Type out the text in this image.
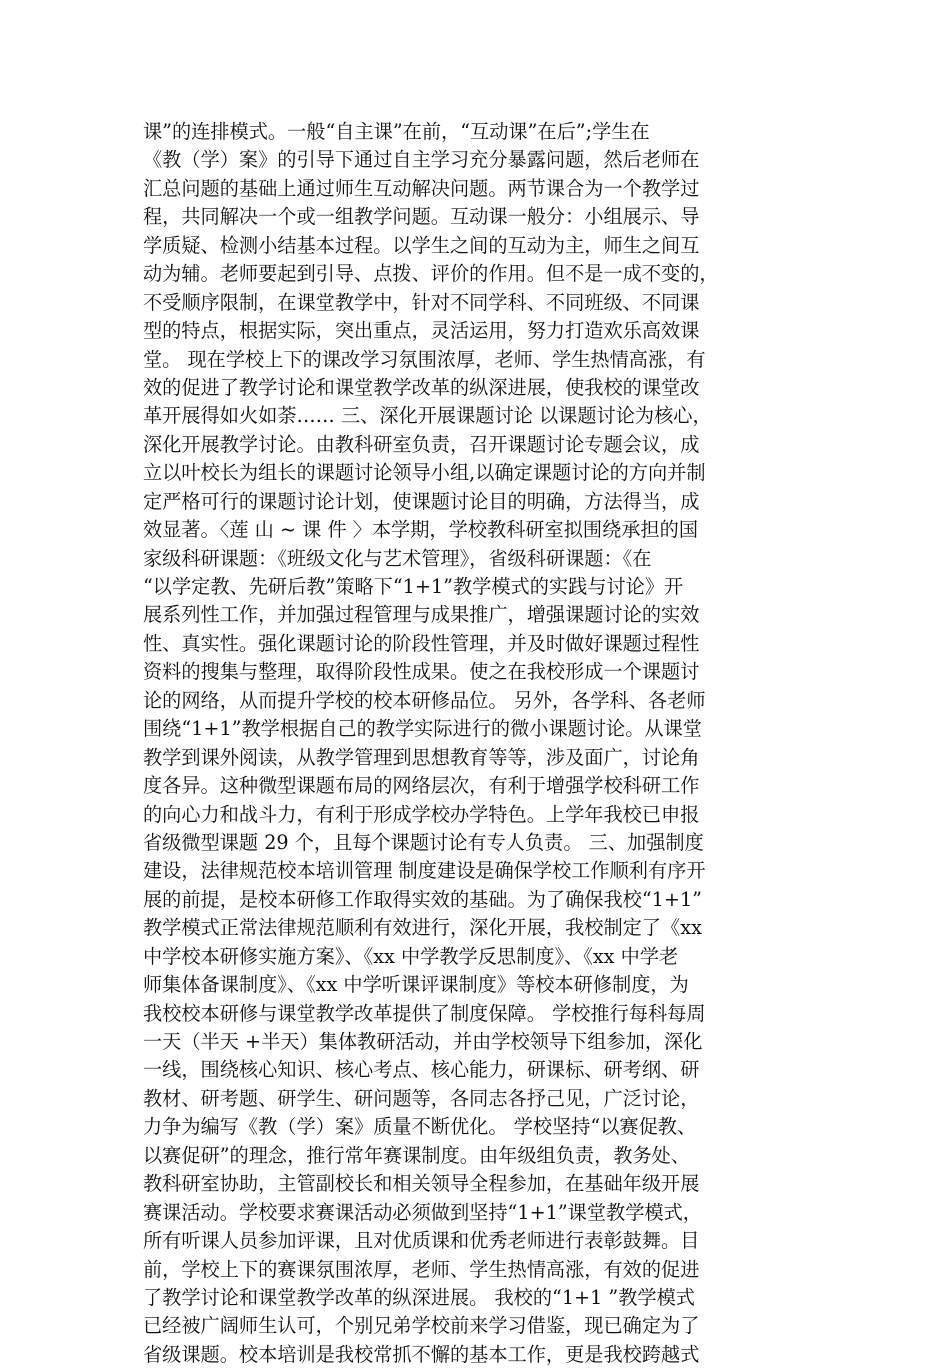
课”的连排模式。一般“自主课”在前，“互动课”在后”;学生在
《教（学）案》的引导下通过自主学习充分暴露问题，然后老师在
汇总问题的基础上通过师生互动解决问题。两节课合为一个教学过
程，共同解决一个或一组教学问题。互动课一般分：小组展示、导
学质疑、检测小结基本过程。以学生之间的互动为主，师生之间互
动为辅。老师要起到引导、点拨、评价的作用。但不是一成不变的，
不受顺序限制，在课堂教学中，针对不同学科、不同班级、不同课
型的特点，根据实际，突出重点，灵活运用，努力打造欢乐高效课
堂。 现在学校上下的课改学习氛围浓厚，老师、学生热情高涨，有
效的促进了教学讨论和课堂教学改革的纵深进展，使我校的课堂改
革开展得如火如荼…… 三、深化开展课题讨论 以课题讨论为核心，
深化开展教学讨论。由教科研室负责，召开课题讨论专题会议，成
立以叶校长为组长的课题讨论领导小组,以确定课题讨论的方向并制
定严格可行的课题讨论计划，使课题讨论目的明确，方法得当，成
效显著。〈莲 山 ~ 课 件 〉本学期，学校教科研室拟围绕承担的国
家级科研课题：《班级文化与艺术管理》，省级科研课题：《在
“以学定教、先研后教”策略下“1+1”教学模式的实践与讨论》开
展系列性工作，并加强过程管理与成果推广，增强课题讨论的实效
性、真实性。强化课题讨论的阶段性管理，并及时做好课题过程性
资料的搜集与整理，取得阶段性成果。使之在我校形成一个课题讨
论的网络，从而提升学校的校本研修品位。 另外，各学科、各老师
围绕“1+1”教学根据自己的教学实际进行的微小课题讨论。从课堂
教学到课外阅读，从教学管理到思想教育等等，涉及面广，讨论角
度各异。这种微型课题布局的网络层次，有利于增强学校科研工作
的向心力和战斗力，有利于形成学校办学特色。上学年我校已申报
省级微型课题 29 个，且每个课题讨论有专人负责。 三、加强制度
建设，法律规范校本培训管理 制度建设是确保学校工作顺利有序开
展的前提，是校本研修工作取得实效的基础。为了确保我校“1+1”
教学模式正常法律规范顺利有效进行，深化开展，我校制定了《xx
中学校本研修实施方案》、《xx 中学教学反思制度》、《xx 中学老
师集体备课制度》、《xx 中学听课评课制度》等校本研修制度，为
我校校本研修与课堂教学改革提供了制度保障。 学校推行每科每周
一天（半天 +半天）集体教研活动，并由学校领导下组参加，深化
一线，围绕核心知识、核心考点、核心能力，研课标、研考纲、研
教材、研考题、研学生、研问题等，各同志各抒己见，广泛讨论，
力争为编写《教（学）案》质量不断优化。 学校坚持“以赛促教、
以赛促研”的理念，推行常年赛课制度。由年级组负责，教务处、
教科研室协助，主管副校长和相关领导全程参加，在基础年级开展
赛课活动。学校要求赛课活动必须做到坚持“1+1”课堂教学模式，
所有听课人员参加评课，且对优质课和优秀老师进行表彰鼓舞。目
前，学校上下的赛课氛围浓厚，老师、学生热情高涨，有效的促进
了教学讨论和课堂教学改革的纵深进展。 我校的“1+1 ”教学模式
已经被广阔师生认可，个别兄弟学校前来学习借鉴，现已确定为了
省级课题。校本培训是我校常抓不懈的基本工作，更是我校跨越式
